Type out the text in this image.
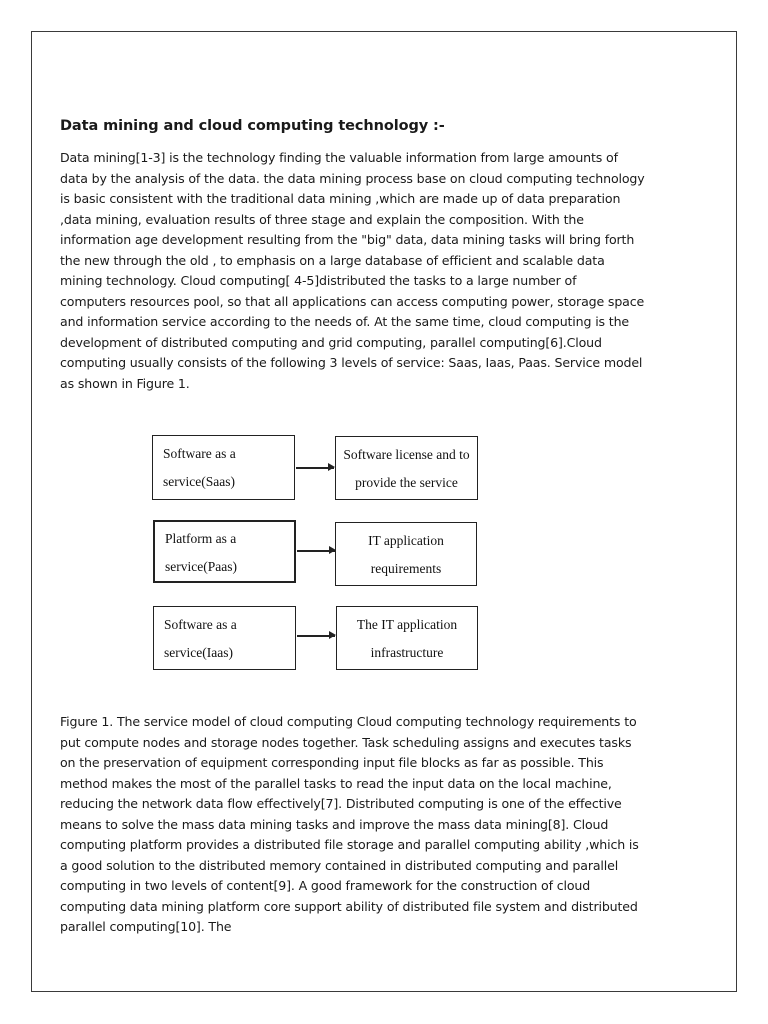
Data mining and cloud computing technology :-

Data mining[1-3] is the technology finding the valuable information from large amounts of data by the analysis of the data. the data mining process base on cloud computing technology is basic consistent with the traditional data mining ,which are made up of data preparation ,data mining, evaluation results of three stage and explain the composition. With the information age development resulting from the "big" data, data mining tasks will bring forth the new through the old , to emphasis on a large database of efficient and scalable data mining technology. Cloud computing[ 4-5]distributed the tasks to a large number of computers resources pool, so that all applications can access computing power, storage space and information service according to the needs of. At the same time, cloud computing is the development of distributed computing and grid computing, parallel computing[6].Cloud computing usually consists of the following 3 levels of service: Saas, Iaas, Paas. Service model as shown in Figure 1.

Software as a
service(Saas)
Software license and to
provide the service
Platform as a
service(Paas)
IT application
requirements
Software as a
service(Iaas)
The IT application
infrastructure

Figure 1. The service model of cloud computing Cloud computing technology requirements to put compute nodes and storage nodes together. Task scheduling assigns and executes tasks on the preservation of equipment corresponding input file blocks as far as possible. This method makes the most of the parallel tasks to read the input data on the local machine, reducing the network data flow effectively[7]. Distributed computing is one of the effective means to solve the mass data mining tasks and improve the mass data mining[8]. Cloud computing platform provides a distributed file storage and parallel computing ability ,which is a good solution to the distributed memory contained in distributed computing and parallel computing in two levels of content[9]. A good framework for the construction of cloud computing data mining platform core support ability of distributed file system and distributed parallel computing[10]. The
